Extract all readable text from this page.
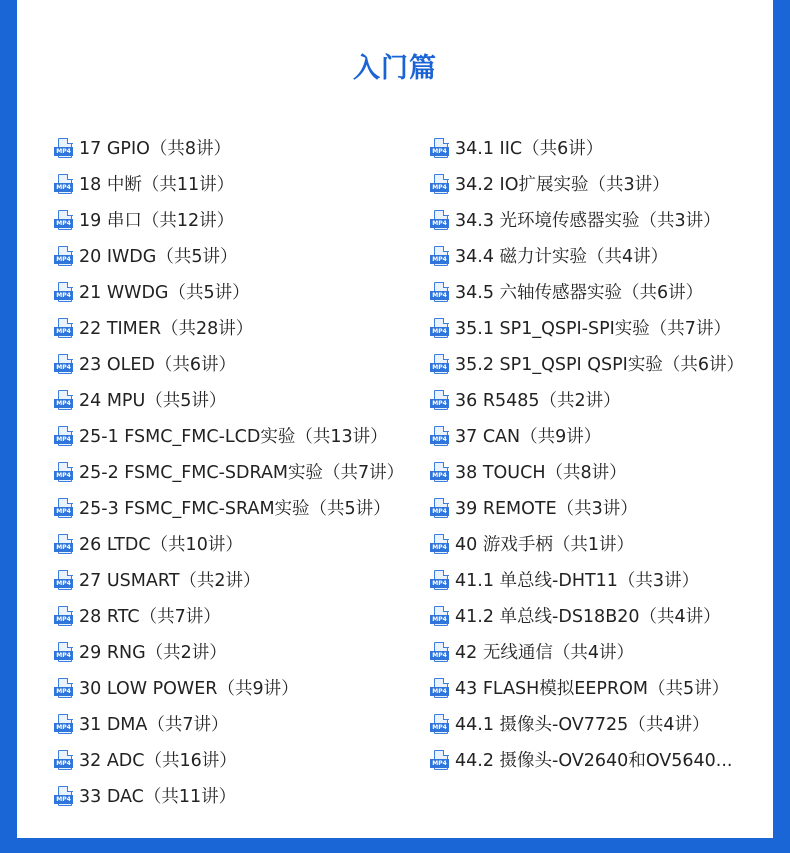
入门篇
MP4 17 GPIO（共8讲）
MP4 18 中断（共11讲）
MP4 19 串口（共12讲）
MP4 20 IWDG（共5讲）
MP4 21 WWDG（共5讲）
MP4 22 TIMER（共28讲）
MP4 23 OLED（共6讲）
MP4 24 MPU（共5讲）
MP4 25-1 FSMC_FMC-LCD实验（共13讲）
MP4 25-2 FSMC_FMC-SDRAM实验（共7讲）
MP4 25-3 FSMC_FMC-SRAM实验（共5讲）
MP4 26 LTDC（共10讲）
MP4 27 USMART（共2讲）
MP4 28 RTC（共7讲）
MP4 29 RNG（共2讲）
MP4 30 LOW POWER（共9讲）
MP4 31 DMA（共7讲）
MP4 32 ADC（共16讲）
MP4 33 DAC（共11讲）
MP4 34.1 IIC（共6讲）
MP4 34.2 IO扩展实验（共3讲）
MP4 34.3 光环境传感器实验（共3讲）
MP4 34.4 磁力计实验（共4讲）
MP4 34.5 六轴传感器实验（共6讲）
MP4 35.1 SP1_QSPI-SPI实验（共7讲）
MP4 35.2 SP1_QSPI QSPI实验（共6讲）
MP4 36 R5485（共2讲）
MP4 37 CAN（共9讲）
MP4 38 TOUCH（共8讲）
MP4 39 REMOTE（共3讲）
MP4 40 游戏手柄（共1讲）
MP4 41.1 单总线-DHT11（共3讲）
MP4 41.2 单总线-DS18B20（共4讲）
MP4 42 无线通信（共4讲）
MP4 43 FLASH模拟EEPROM（共5讲）
MP4 44.1 摄像头-OV7725（共4讲）
MP4 44.2 摄像头-OV2640和OV5640...
